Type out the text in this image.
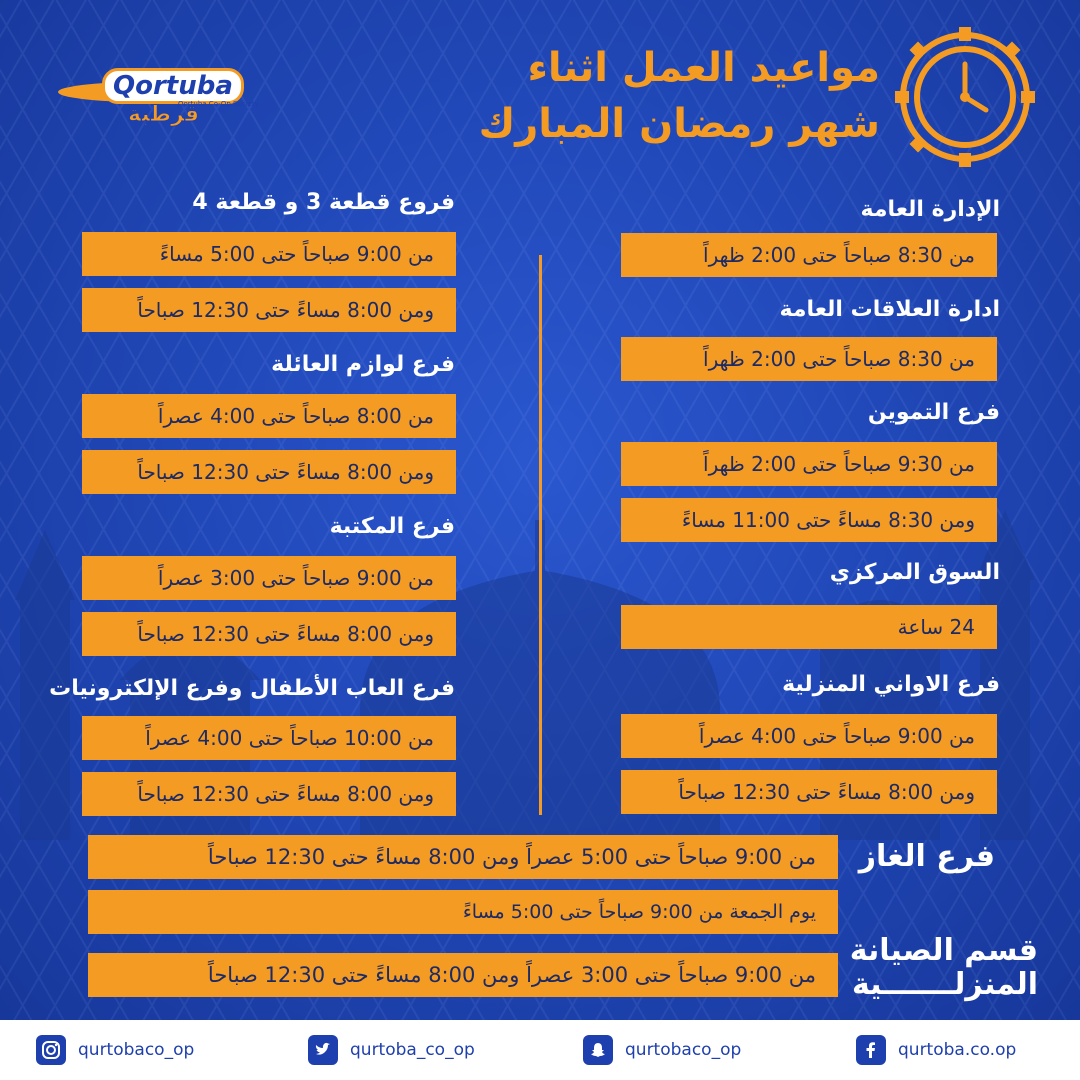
مواعيد العمل اثناء
شهر رمضان المبارك
Qortuba
Qortuba Co-Op Society
قرطبة
الإدارة العامة
من 8:30 صباحاً حتى 2:00 ظهراً
ادارة العلاقات العامة
من 8:30 صباحاً حتى 2:00 ظهراً
فرع التموين
من 9:30 صباحاً حتى 2:00 ظهراً
ومن 8:30 مساءً حتى 11:00 مساءً
السوق المركزي
24 ساعة
فرع الاواني المنزلية
من 9:00 صباحاً حتى 4:00 عصراً
ومن 8:00 مساءً حتى 12:30 صباحاً
فروع قطعة 3 و قطعة 4
من 9:00 صباحاً حتى 5:00 مساءً
ومن 8:00 مساءً حتى 12:30 صباحاً
فرع لوازم العائلة
من 8:00 صباحاً حتى 4:00 عصراً
ومن 8:00 مساءً حتى 12:30 صباحاً
فرع المكتبة
من 9:00 صباحاً حتى 3:00 عصراً
ومن 8:00 مساءً حتى 12:30 صباحاً
فرع العاب الأطفال وفرع الإلكترونيات
من 10:00 صباحاً حتى 4:00 عصراً
ومن 8:00 مساءً حتى 12:30 صباحاً
فرع الغاز
من 9:00 صباحاً حتى 5:00 عصراً ومن 8:00 مساءً حتى 12:30 صباحاً
يوم الجمعة من 9:00 صباحاً حتى 5:00 مساءً
قسم الصيانة
المنزلـــــــية
من 9:00 صباحاً حتى 3:00 عصراً ومن 8:00 مساءً حتى 12:30 صباحاً
qurtobaco_op	qurtoba_co_op	qurtobaco_op	qurtoba.co.op
